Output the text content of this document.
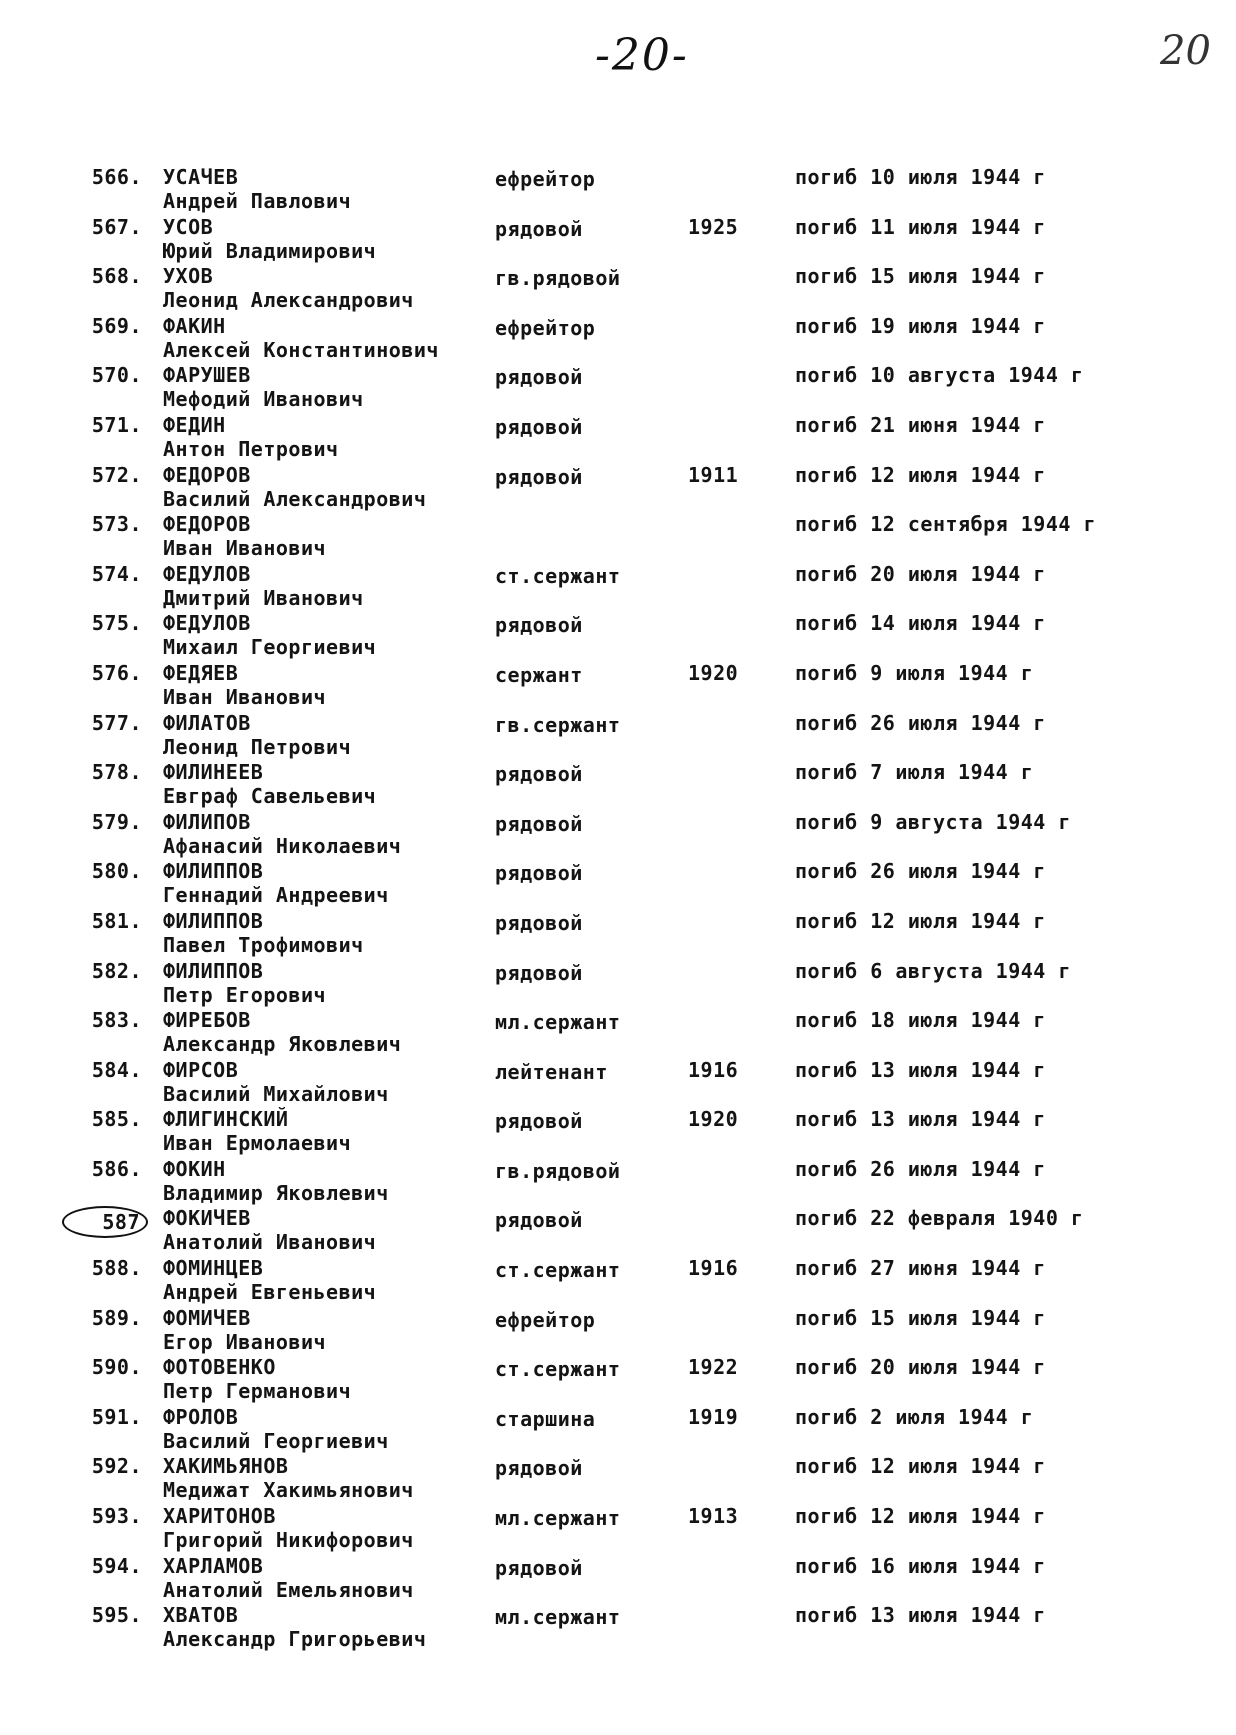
-20-	20
566. УСАЧЕВ
Андрей Павлович
ефрейтор	погиб 10 июля 1944 г
567. УСОВ
Юрий Владимирович
рядовой	1925	погиб 11 июля 1944 г
568. УХОВ
Леонид Александрович
гв.рядовой	погиб 15 июля 1944 г
569. ФАКИН
Алексей Константинович
ефрейтор	погиб 19 июля 1944 г
570. ФАРУШЕВ
Мефодий Иванович
рядовой	погиб 10 августа 1944 г
571. ФЕДИН
Антон Петрович
рядовой	погиб 21 июня 1944 г
572. ФЕДОРОВ
Василий Александрович
рядовой	1911	погиб 12 июля 1944 г
573. ФЕДОРОВ
Иван Иванович
погиб 12 сентября 1944 г
574. ФЕДУЛОВ
Дмитрий Иванович
ст.сержант	погиб 20 июля 1944 г
575. ФЕДУЛОВ
Михаил Георгиевич
рядовой	погиб 14 июля 1944 г
576. ФЕДЯЕВ
Иван Иванович
сержант	1920	погиб 9 июля 1944 г
577. ФИЛАТОВ
Леонид Петрович
гв.сержант	погиб 26 июля 1944 г
578. ФИЛИНЕЕВ
Евграф Савельевич
рядовой	погиб 7 июля 1944 г
579. ФИЛИПОВ
Афанасий Николаевич
рядовой	погиб 9 августа 1944 г
580. ФИЛИППОВ
Геннадий Андреевич
рядовой	погиб 26 июля 1944 г
581. ФИЛИППОВ
Павел Трофимович
рядовой	погиб 12 июля 1944 г
582. ФИЛИППОВ
Петр Егорович
рядовой	погиб 6 августа 1944 г
583. ФИРЕБОВ
Александр Яковлевич
мл.сержант	погиб 18 июля 1944 г
584. ФИРСОВ
Василий Михайлович
лейтенант	1916	погиб 13 июля 1944 г
585. ФЛИГИНСКИЙ
Иван Ермолаевич
рядовой	1920	погиб 13 июля 1944 г
586. ФОКИН
Владимир Яковлевич
гв.рядовой	погиб 26 июля 1944 г
587	ФОКИЧЕВ
Анатолий Иванович
рядовой	погиб 22 февраля 1940 г
588. ФОМИНЦЕВ
Андрей Евгеньевич
ст.сержант	1916	погиб 27 июня 1944 г
589. ФОМИЧЕВ
Егор Иванович
ефрейтор	погиб 15 июля 1944 г
590. ФОТОВЕНКО
Петр Германович
ст.сержант	1922	погиб 20 июля 1944 г
591. ФРОЛОВ
Василий Георгиевич
старшина	1919	погиб 2 июля 1944 г
592. ХАКИМЬЯНОВ
Медижат Хакимьянович
рядовой	погиб 12 июля 1944 г
593. ХАРИТОНОВ
Григорий Никифорович
мл.сержант	1913	погиб 12 июля 1944 г
594. ХАРЛАМОВ
Анатолий Емельянович
рядовой	погиб 16 июля 1944 г
595. ХВАТОВ
Александр Григорьевич
мл.сержант	погиб 13 июля 1944 г
